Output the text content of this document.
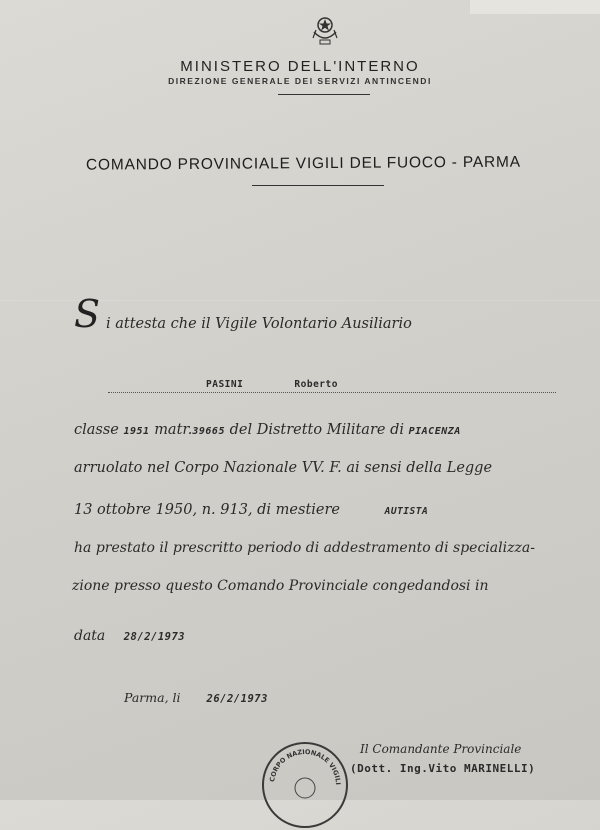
MINISTERO DELL'INTERNO
DIREZIONE GENERALE DEI SERVIZI ANTINCENDI
COMANDO PROVINCIALE VIGILI DEL FUOCO - PARMA
S i attesta che il Vigile Volontario Ausiliario
PASINI	Roberto
classe 1951 matr.39665 del Distretto Militare di PIACENZA
arruolato nel Corpo Nazionale VV. F. ai sensi della Legge
13 ottobre 1950, n. 913, di mestiere	AUTISTA
ha prestato il prescritto periodo di addestramento di specializza-
zione presso questo Comando Provinciale congedandosi in
data 28/2/1973
Parma, li 26/2/1973
CORPO NAZIONALE VIGILI
Il Comandante Provinciale
(Dott. Ing.Vito MARINELLI)
